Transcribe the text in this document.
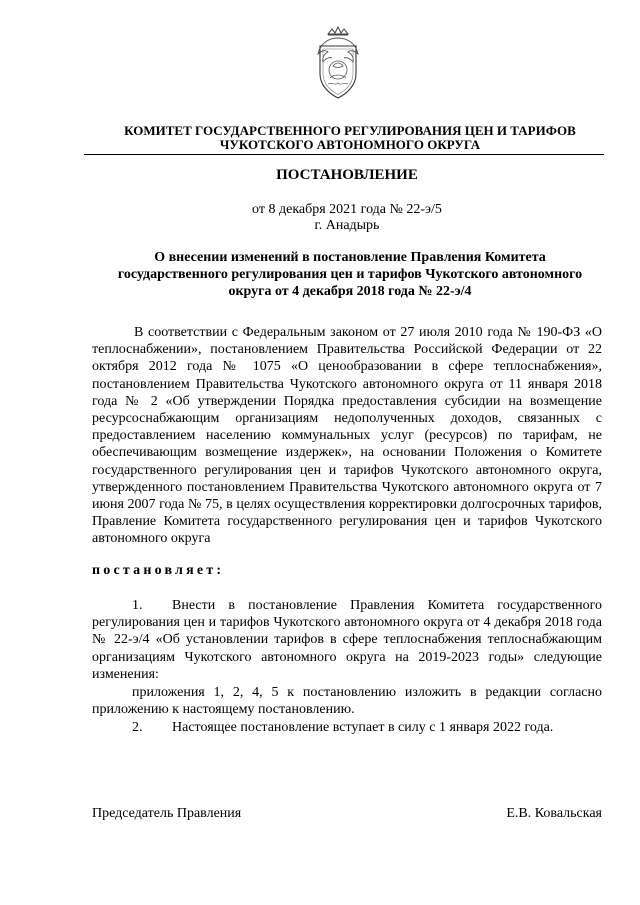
КОМИТЕТ ГОСУДАРСТВЕННОГО РЕГУЛИРОВАНИЯ ЦЕН И ТАРИФОВ
ЧУКОТСКОГО АВТОНОМНОГО ОКРУГА
ПОСТАНОВЛЕНИЕ
от 8 декабря 2021 года № 22-э/5
г. Анадырь
О внесении изменений в постановление Правления Комитета государственного регулирования цен и тарифов Чукотского автономного округа от 4 декабря 2018 года № 22-э/4

В соответствии с Федеральным законом от 27 июля 2010 года № 190-ФЗ «О теплоснабжении», постановлением Правительства Российской Федерации от 22 октября 2012 года № 1075 «О ценообразовании в сфере теплоснабжения», постановлением Правительства Чукотского автономного округа от 11 января 2018 года № 2 «Об утверждении Порядка предоставления субсидии на возмещение ресурсоснабжающим организациям недополученных доходов, связанных с предоставлением населению коммунальных услуг (ресурсов) по тарифам, не обеспечивающим возмещение издержек», на основании Положения о Комитете государственного регулирования цен и тарифов Чукотского автономного округа, утвержденного постановлением Правительства Чукотского автономного округа от 7 июня 2007 года № 75, в целях осуществления корректировки долгосрочных тарифов, Правление Комитета государственного регулирования цен и тарифов Чукотского автономного округа

постановляет:

1. Внести в постановление Правления Комитета государственного регулирования цен и тарифов Чукотского автономного округа от 4 декабря 2018 года № 22-э/4 «Об установлении тарифов в сфере теплоснабжения теплоснабжающим организациям Чукотского автономного округа на 2019-2023 годы» следующие изменения:

приложения 1, 2, 4, 5 к постановлению изложить в редакции согласно приложению к настоящему постановлению.

2. Настоящее постановление вступает в силу с 1 января 2022 года.
Председатель Правления	Е.В. Ковальская
